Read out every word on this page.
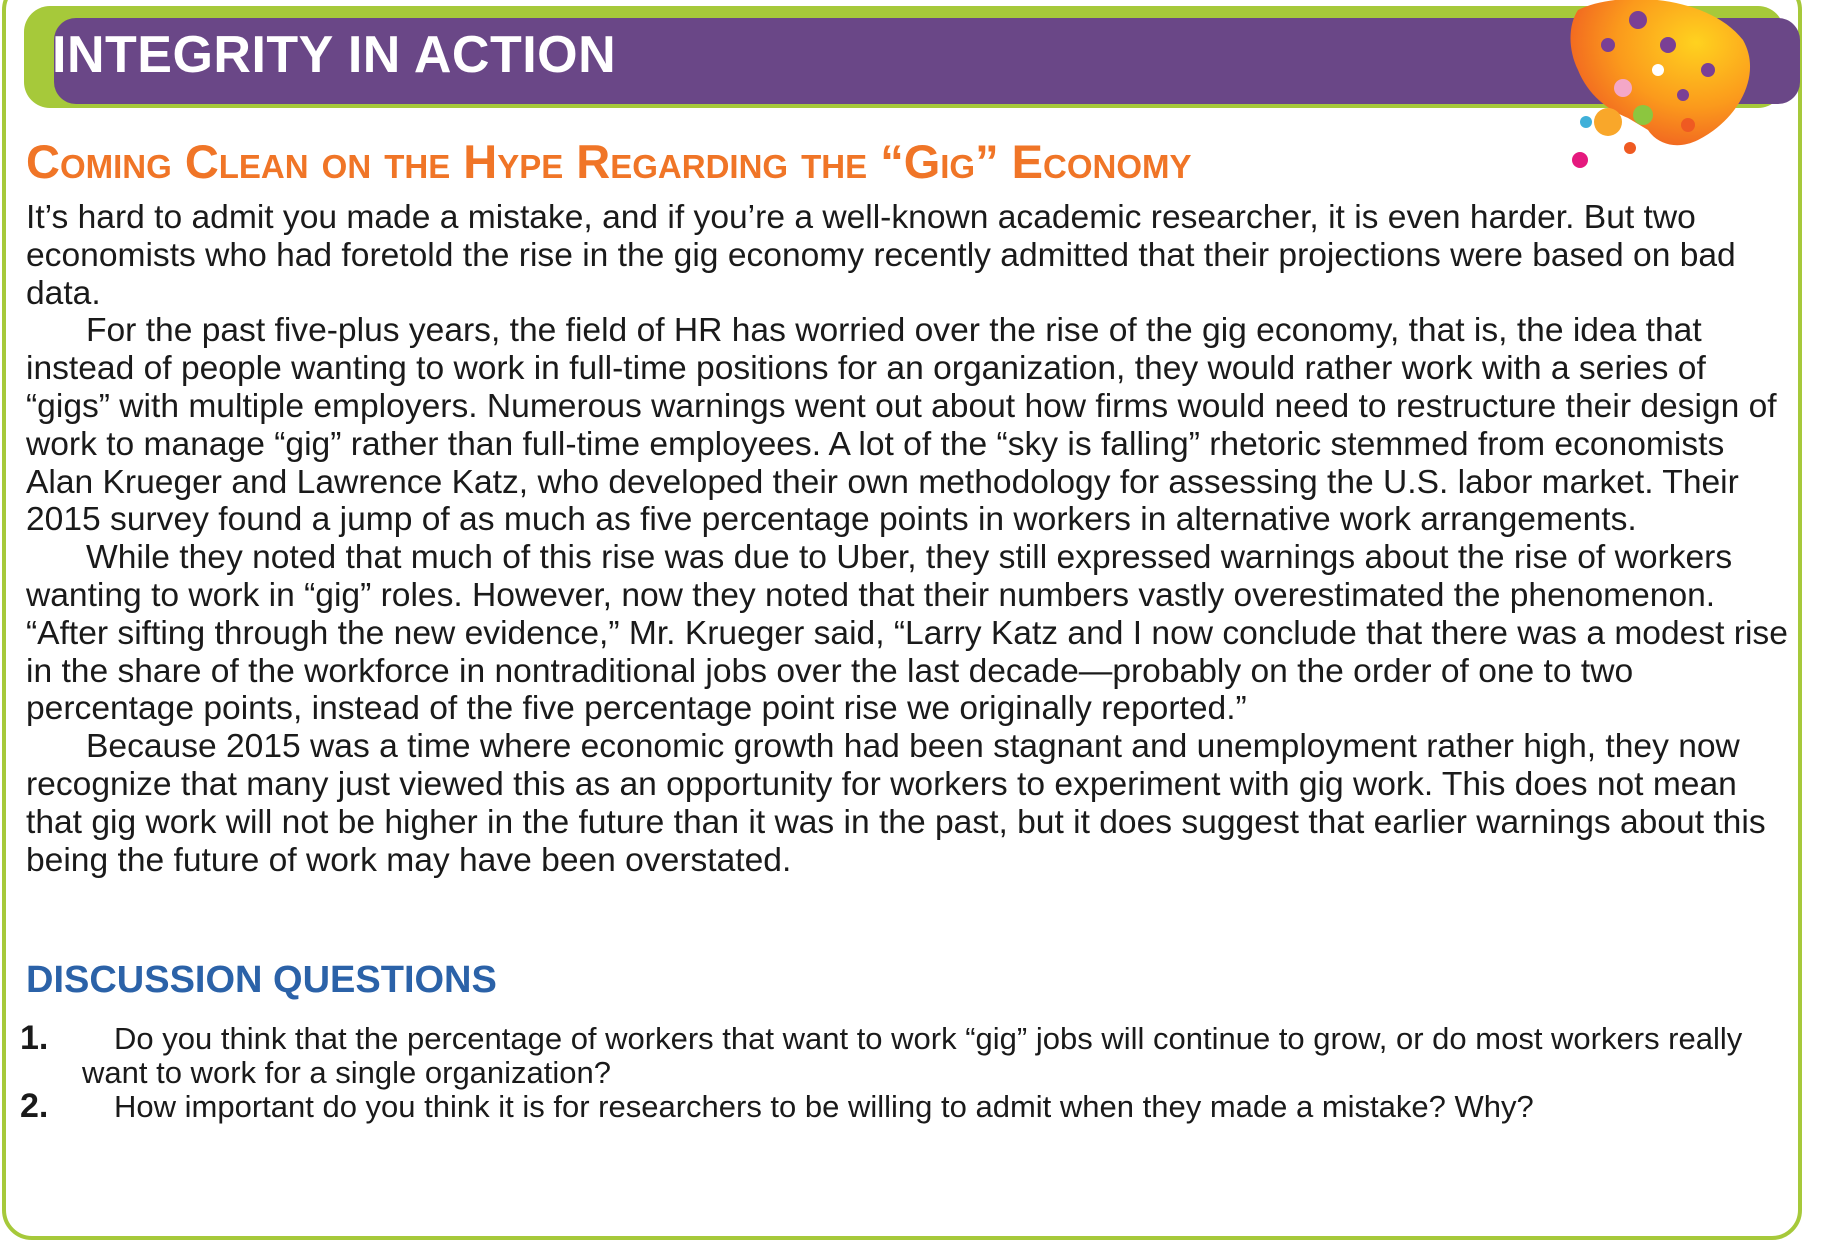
INTEGRITY IN ACTION
Coming Clean on the Hype Regarding the “Gig” Economy

It’s hard to admit you made a mistake, and if you’re a well-known academic researcher, it is even harder. But two economists who had foretold the rise in the gig economy recently admitted that their projections were based on bad data.

For the past five-plus years, the field of HR has worried over the rise of the gig economy, that is, the idea that instead of people wanting to work in full-time positions for an organization, they would rather work with a series of “gigs” with multiple employers. Numerous warnings went out about how firms would need to restructure their design of work to manage “gig” rather than full-time employees. A lot of the “sky is falling” rhetoric stemmed from economists Alan Krueger and Lawrence Katz, who developed their own methodology for assessing the U.S. labor market. Their 2015 survey found a jump of as much as five percentage points in workers in alternative work arrangements.

While they noted that much of this rise was due to Uber, they still expressed warnings about the rise of workers wanting to work in “gig” roles. However, now they noted that their numbers vastly overestimated the phenomenon. “After sifting through the new evidence,” Mr. Krueger said, “Larry Katz and I now conclude that there was a modest rise in the share of the workforce in nontraditional jobs over the last decade—probably on the order of one to two percentage points, instead of the five percentage point rise we originally reported.”

Because 2015 was a time where economic growth had been stagnant and unemployment rather high, they now recognize that many just viewed this as an opportunity for workers to experiment with gig work. This does not mean that gig work will not be higher in the future than it was in the past, but it does suggest that earlier warnings about this being the future of work may have been overstated.

DISCUSSION QUESTIONS
1.	Do you think that the percentage of workers that want to work “gig” jobs will continue to grow, or do most workers really want to work for a single organization?
2.	How important do you think it is for researchers to be willing to admit when they made a mistake? Why?
